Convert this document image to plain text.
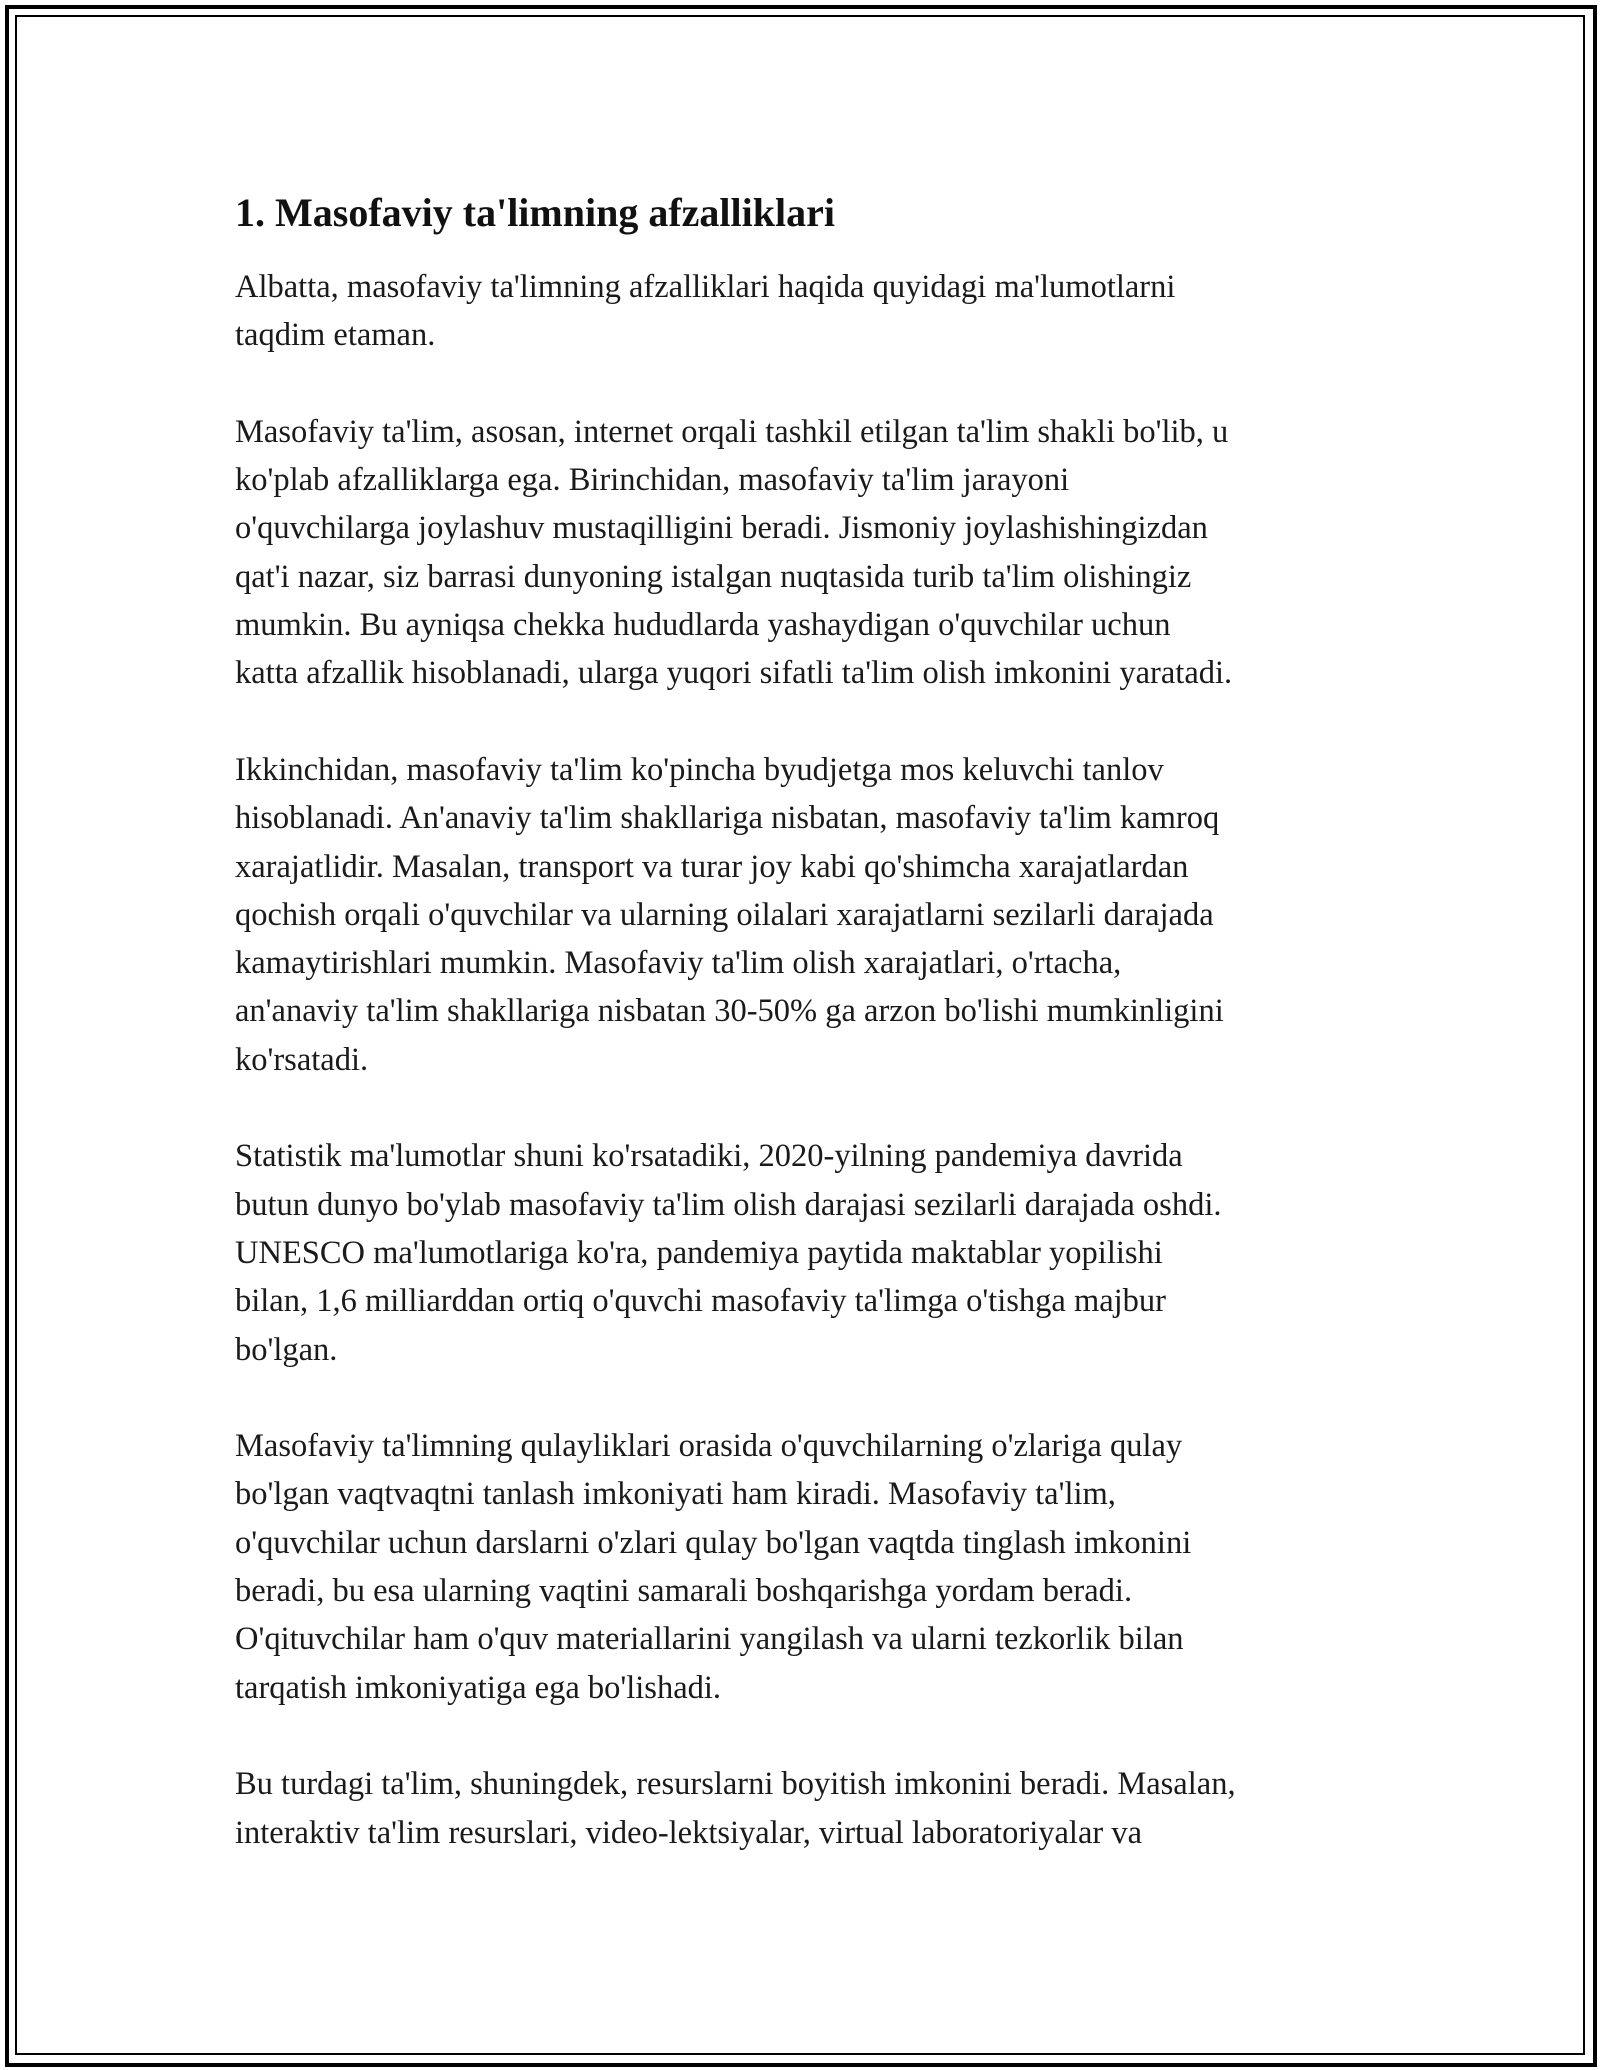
1. Masofaviy ta'limning afzalliklari
Albatta, masofaviy ta'limning afzalliklari haqida quyidagi ma'lumotlarni
taqdim etaman.
Masofaviy ta'lim, asosan, internet orqali tashkil etilgan ta'lim shakli bo'lib, u
ko'plab afzalliklarga ega. Birinchidan, masofaviy ta'lim jarayoni
o'quvchilarga joylashuv mustaqilligini beradi. Jismoniy joylashishingizdan
qat'i nazar, siz barrasi dunyoning istalgan nuqtasida turib ta'lim olishingiz
mumkin. Bu ayniqsa chekka hududlarda yashaydigan o'quvchilar uchun
katta afzallik hisoblanadi, ularga yuqori sifatli ta'lim olish imkonini yaratadi.
Ikkinchidan, masofaviy ta'lim ko'pincha byudjetga mos keluvchi tanlov
hisoblanadi. An'anaviy ta'lim shakllariga nisbatan, masofaviy ta'lim kamroq
xarajatlidir. Masalan, transport va turar joy kabi qo'shimcha xarajatlardan
qochish orqali o'quvchilar va ularning oilalari xarajatlarni sezilarli darajada
kamaytirishlari mumkin. Masofaviy ta'lim olish xarajatlari, o'rtacha,
an'anaviy ta'lim shakllariga nisbatan 30-50% ga arzon bo'lishi mumkinligini
ko'rsatadi.
Statistik ma'lumotlar shuni ko'rsatadiki, 2020-yilning pandemiya davrida
butun dunyo bo'ylab masofaviy ta'lim olish darajasi sezilarli darajada oshdi.
UNESCO ma'lumotlariga ko'ra, pandemiya paytida maktablar yopilishi
bilan, 1,6 milliarddan ortiq o'quvchi masofaviy ta'limga o'tishga majbur
bo'lgan.
Masofaviy ta'limning qulayliklari orasida o'quvchilarning o'zlariga qulay
bo'lgan vaqtvaqtni tanlash imkoniyati ham kiradi. Masofaviy ta'lim,
o'quvchilar uchun darslarni o'zlari qulay bo'lgan vaqtda tinglash imkonini
beradi, bu esa ularning vaqtini samarali boshqarishga yordam beradi.
O'qituvchilar ham o'quv materiallarini yangilash va ularni tezkorlik bilan
tarqatish imkoniyatiga ega bo'lishadi.
Bu turdagi ta'lim, shuningdek, resurslarni boyitish imkonini beradi. Masalan,
interaktiv ta'lim resurslari, video-lektsiyalar, virtual laboratoriyalar va
